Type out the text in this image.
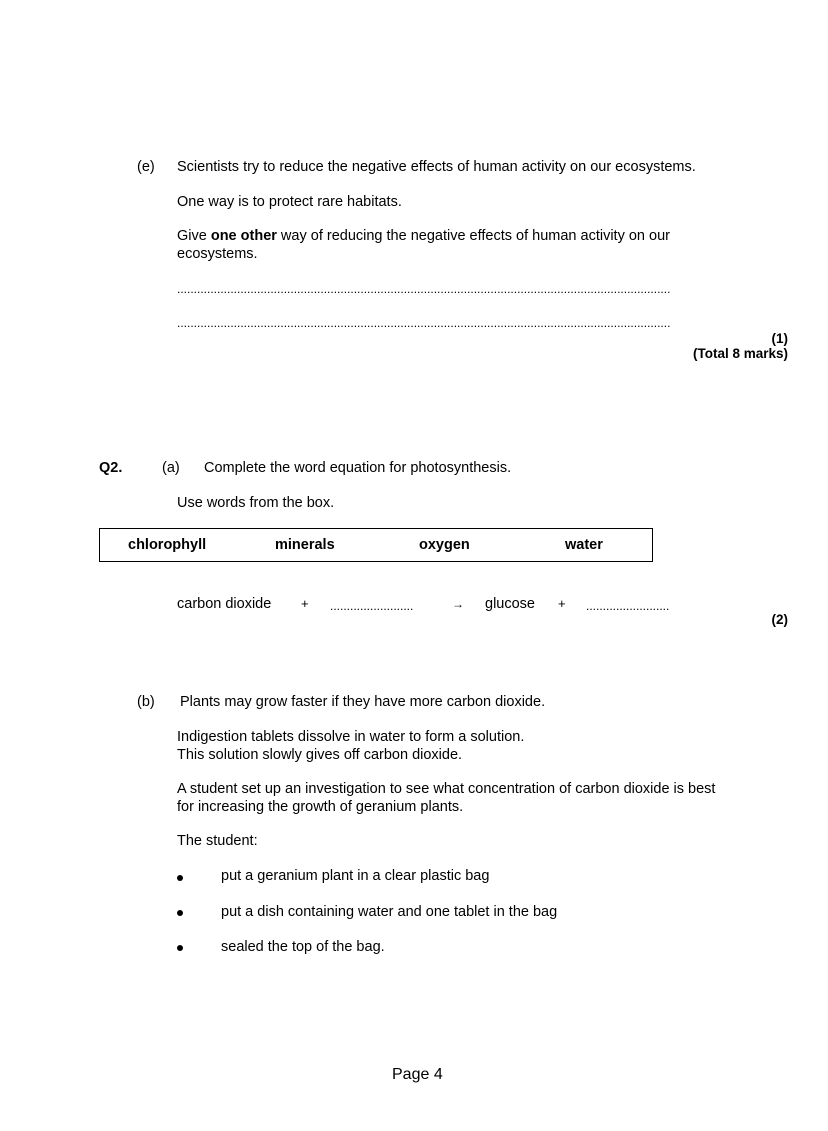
(e) Scientists try to reduce the negative effects of human activity on our ecosystems.
One way is to protect rare habitats.
Give one other way of reducing the negative effects of human activity on our
ecosystems.
....................................................................................................................................................
....................................................................................................................................................
(1)
(Total 8 marks)
Q2.	(a) Complete the word equation for photosynthesis.
Use words from the box.
chlorophyll	minerals	oxygen	water
carbon dioxide + .........................	→ glucose + .........................
(2)
(b) Plants may grow faster if they have more carbon dioxide.
Indigestion tablets dissolve in water to form a solution.
This solution slowly gives off carbon dioxide.
A student set up an investigation to see what concentration of carbon dioxide is best
for increasing the growth of geranium plants.
The student:
put a geranium plant in a clear plastic bag
put a dish containing water and one tablet in the bag
sealed the top of the bag.
Page 4
